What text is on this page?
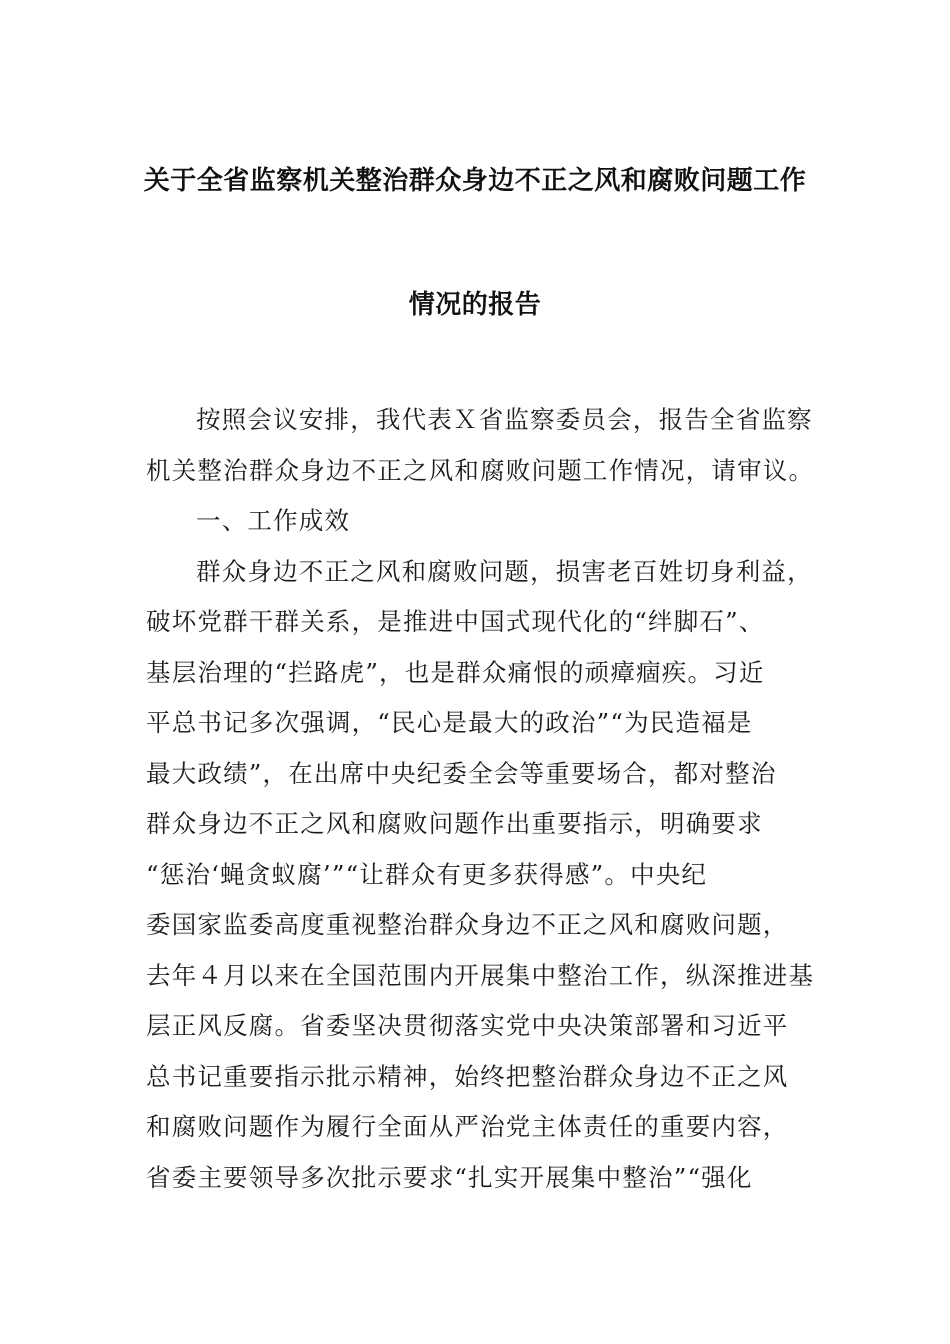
关于全省监察机关整治群众身边不正之风和腐败问题工作
情况的报告
按照会议安排，我代表Ｘ省监察委员会，报告全省监察
机关整治群众身边不正之风和腐败问题工作情况，请审议。
一、工作成效
群众身边不正之风和腐败问题，损害老百姓切身利益，
破坏党群干群关系，是推进中国式现代化的“绊脚石”、
基层治理的“拦路虎”，也是群众痛恨的顽瘴痼疾。习近
平总书记多次强调，“民心是最大的政治”“为民造福是
最大政绩”，在出席中央纪委全会等重要场合，都对整治
群众身边不正之风和腐败问题作出重要指示，明确要求
“惩治‘蝇贪蚁腐’”“让群众有更多获得感”。中央纪
委国家监委高度重视整治群众身边不正之风和腐败问题，
去年４月以来在全国范围内开展集中整治工作，纵深推进基
层正风反腐。省委坚决贯彻落实党中央决策部署和习近平
总书记重要指示批示精神，始终把整治群众身边不正之风
和腐败问题作为履行全面从严治党主体责任的重要内容，
省委主要领导多次批示要求“扎实开展集中整治”“强化
